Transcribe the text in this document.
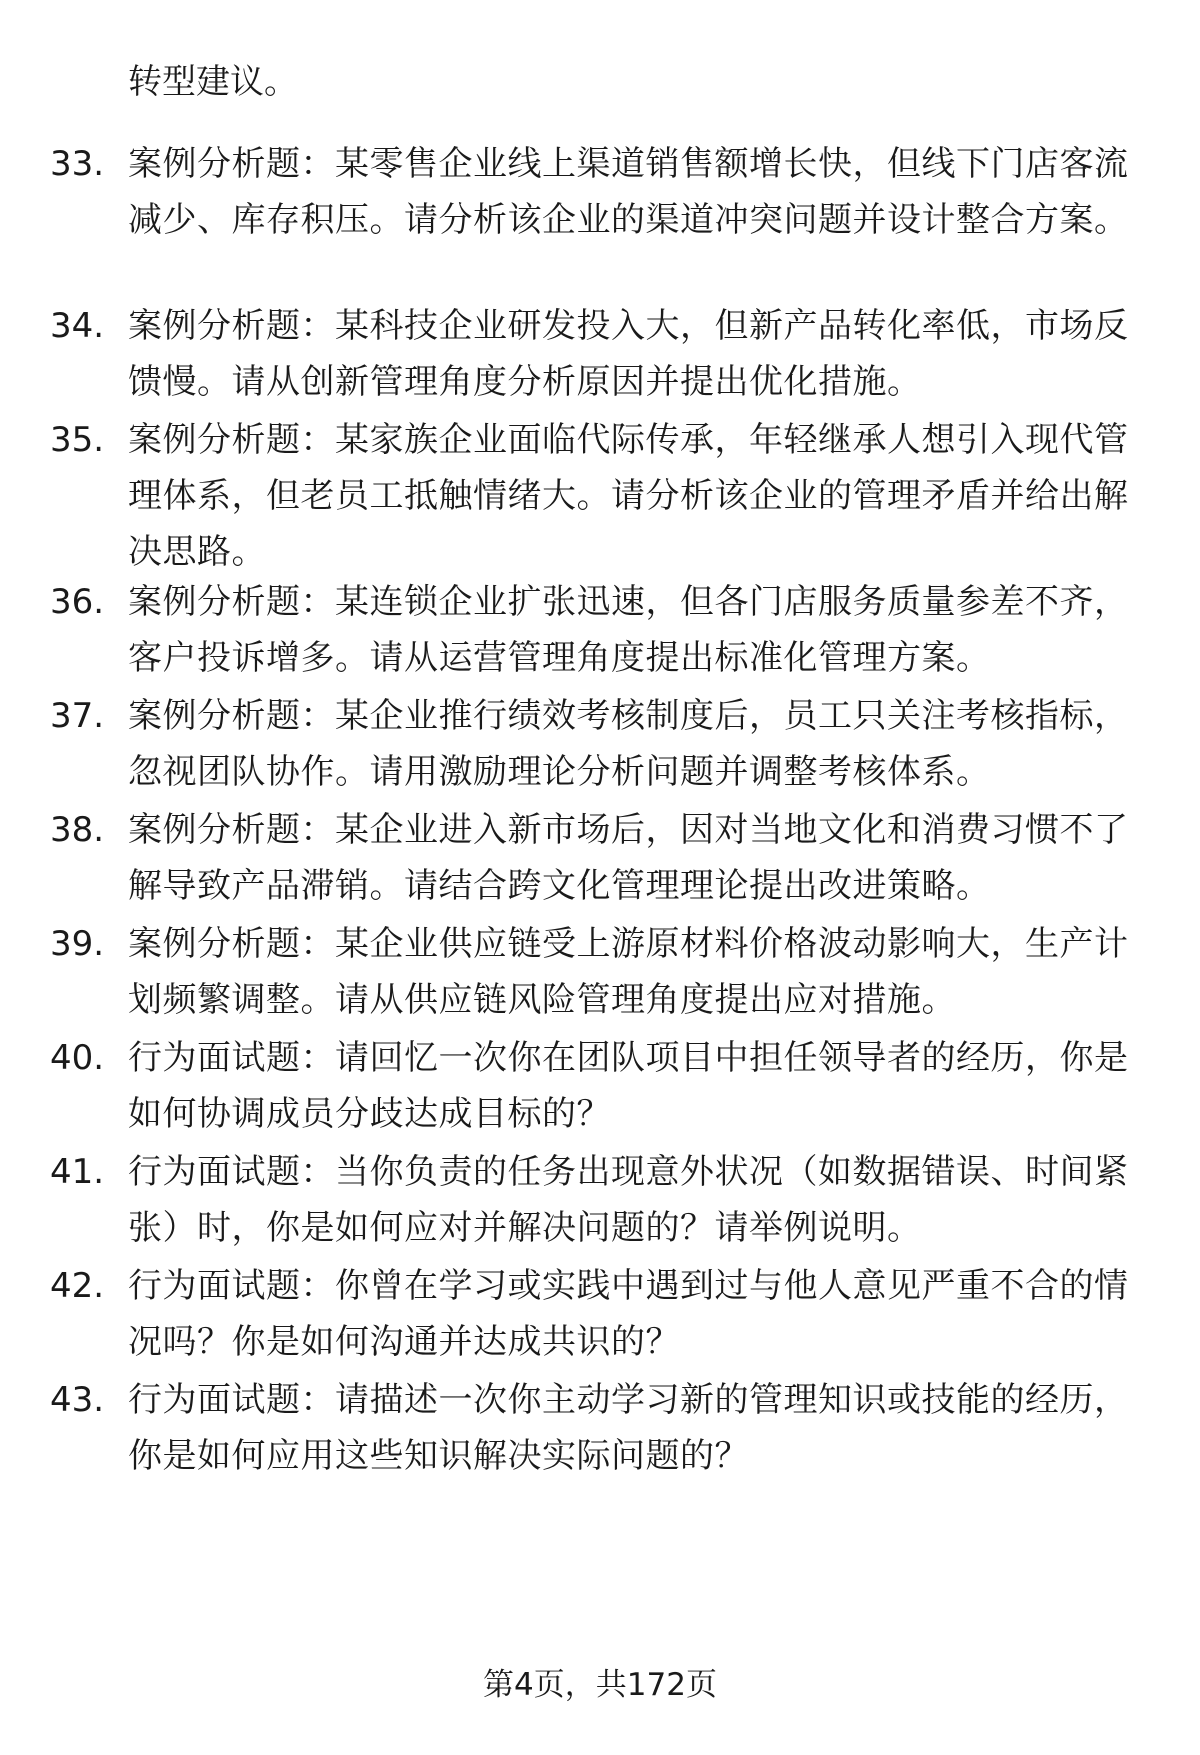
转型建议。
33. 案例分析题：某零售企业线上渠道销售额增长快，但线下门店客流减少、库存积压。请分析该企业的渠道冲突问题并设计整合方案。
34. 案例分析题：某科技企业研发投入大，但新产品转化率低，市场反馈慢。请从创新管理角度分析原因并提出优化措施。
35. 案例分析题：某家族企业面临代际传承，年轻继承人想引入现代管理体系，但老员工抵触情绪大。请分析该企业的管理矛盾并给出解决思路。
36. 案例分析题：某连锁企业扩张迅速，但各门店服务质量参差不齐，客户投诉增多。请从运营管理角度提出标准化管理方案。
37. 案例分析题：某企业推行绩效考核制度后，员工只关注考核指标，忽视团队协作。请用激励理论分析问题并调整考核体系。
38. 案例分析题：某企业进入新市场后，因对当地文化和消费习惯不了解导致产品滞销。请结合跨文化管理理论提出改进策略。
39. 案例分析题：某企业供应链受上游原材料价格波动影响大，生产计划频繁调整。请从供应链风险管理角度提出应对措施。
40. 行为面试题：请回忆一次你在团队项目中担任领导者的经历，你是如何协调成员分歧达成目标的？
41. 行为面试题：当你负责的任务出现意外状况（如数据错误、时间紧张）时，你是如何应对并解决问题的？请举例说明。
42. 行为面试题：你曾在学习或实践中遇到过与他人意见严重不合的情况吗？你是如何沟通并达成共识的？
43. 行为面试题：请描述一次你主动学习新的管理知识或技能的经历，你是如何应用这些知识解决实际问题的？
第4页，共172页
